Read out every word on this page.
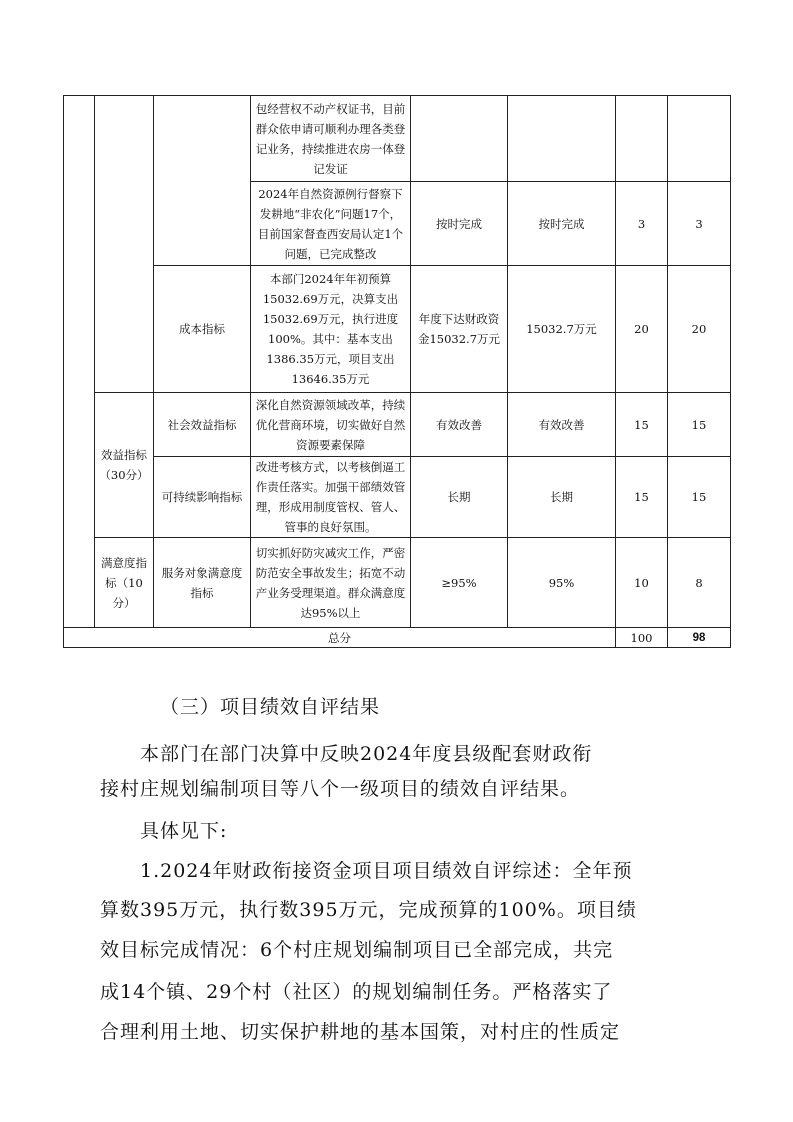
			包经营权不动产权证书，目前群众依申请可顺利办理各类登记业务，持续推进农房一体登记发证				
			2024年自然资源例行督察下发耕地“非农化”问题17个，目前国家督查西安局认定1个问题，已完成整改	按时完成	按时完成	3	3
		成本指标	本部门2024年年初预算15032.69万元，决算支出15032.69万元，执行进度100%。其中：基本支出1386.35万元，项目支出13646.35万元	年度下达财政资金15032.7万元	15032.7万元	20	20
	效益指标（30分）	社会效益指标	深化自然资源领域改革，持续优化营商环境，切实做好自然资源要素保障	有效改善	有效改善	15	15
		可持续影响指标	改进考核方式，以考核倒逼工作责任落实。加强干部绩效管理，形成用制度管权、管人、管事的良好氛围。	长期	长期	15	15
	满意度指标（10分）	服务对象满意度指标	切实抓好防灾减灾工作，严密防范安全事故发生；拓宽不动产业务受理渠道。群众满意度达95%以上	≥95%	95%	10	8
总分						100	98
（三）项目绩效自评结果
本部门在部门决算中反映2024年度县级配套财政衔
接村庄规划编制项目等八个一级项目的绩效自评结果。
具体见下:
1.2024年财政衔接资金项目项目绩效自评综述：全年预
算数395万元，执行数395万元，完成预算的100%。项目绩
效目标完成情况：6个村庄规划编制项目已全部完成，共完
成14个镇、29个村（社区）的规划编制任务。严格落实了
合理利用土地、切实保护耕地的基本国策，对村庄的性质定
